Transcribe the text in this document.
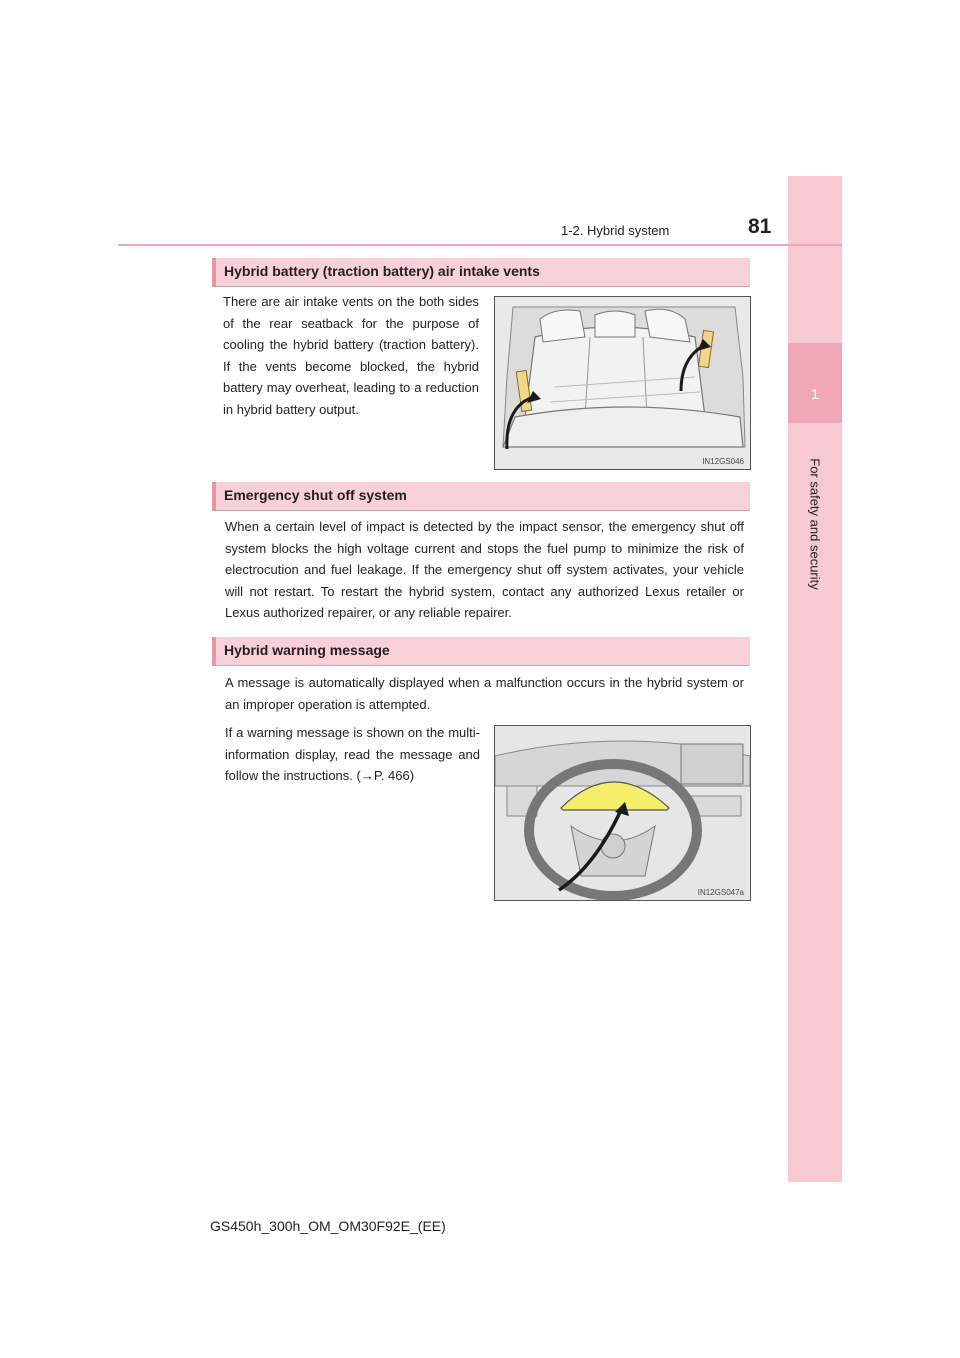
1
For safety and security
1-2. Hybrid system	81
Hybrid battery (traction battery) air intake vents

There are air intake vents on the both sides of the rear seatback for the purpose of cooling the hybrid battery (traction battery). If the vents become blocked, the hybrid battery may overheat, leading to a reduction in hybrid battery output.

IN12GS046
Emergency shut off system

When a certain level of impact is detected by the impact sensor, the emergency shut off system blocks the high voltage current and stops the fuel pump to minimize the risk of electrocution and fuel leakage. If the emergency shut off system activates, your vehicle will not restart. To restart the hybrid system, contact any authorized Lexus retailer or Lexus authorized repairer, or any reliable repairer.

Hybrid warning message

A message is automatically displayed when a malfunction occurs in the hybrid system or an improper operation is attempted.

If a warning message is shown on the multi-information display, read the message and follow the instructions. (→P. 466)

IN12GS047a
GS450h_300h_OM_OM30F92E_(EE)
